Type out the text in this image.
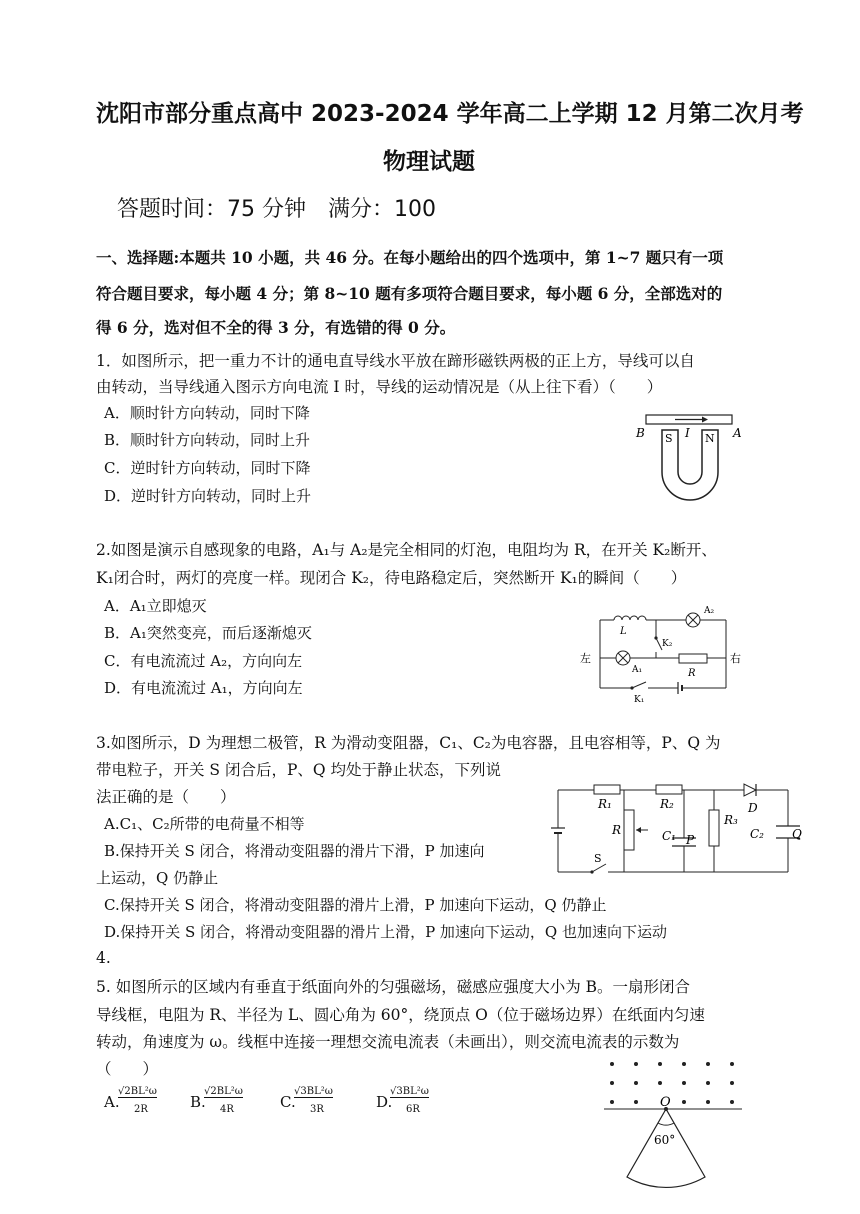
沈阳市部分重点高中 2023-2024 学年高二上学期 12 月第二次月考
物理试题
答题时间：75 分钟　满分：100
一、选择题:本题共 10 小题，共 46 分。在每小题给出的四个选项中，第 1~7 题只有一项
符合题目要求，每小题 4 分；第 8~10 题有多项符合题目要求，每小题 6 分，全部选对的
得 6 分，选对但不全的得 3 分，有选错的得 0 分。
1．如图所示，把一重力不计的通电直导线水平放在蹄形磁铁两极的正上方，导线可以自
由转动，当导线通入图示方向电流 I 时，导线的运动情况是（从上往下看）（　　）
A．顺时针方向转动，同时下降
B．顺时针方向转动，同时上升
C．逆时针方向转动，同时下降
D．逆时针方向转动，同时上升
B	A
I
S	N
2.如图是演示自感现象的电路，A₁与 A₂是完全相同的灯泡，电阻均为 R，在开关 K₂断开、
K₁闭合时，两灯的亮度一样。现闭合 K₂，待电路稳定后，突然断开 K₁的瞬间（　　）
A．A₁立即熄灭
B．A₁突然变亮，而后逐渐熄灭
C．有电流流过 A₂，方向向左
D．有电流流过 A₁，方向向左
L
A₂
K₂
左	右
A₁	R
K₁
3.如图所示，D 为理想二极管，R 为滑动变阻器，C₁、C₂为电容器，且电容相等，P、Q 为
带电粒子，开关 S 闭合后，P、Q 均处于静止状态，下列说
法正确的是（　　）
A.C₁、C₂所带的电荷量不相等
B.保持开关 S 闭合，将滑动变阻器的滑片下滑，P 加速向
上运动，Q 仍静止
C.保持开关 S 闭合，将滑动变阻器的滑片上滑，P 加速向下运动，Q 仍静止
D.保持开关 S 闭合，将滑动变阻器的滑片上滑，P 加速向下运动，Q 也加速向下运动
R₁	R₂	D
R
R₃
C₁ P	C₂ Q
S
4.
5. 如图所示的区域内有垂直于纸面向外的匀强磁场，磁感应强度大小为 B。一扇形闭合
导线框，电阻为 R、半径为 L、圆心角为 60°，绕顶点 O（位于磁场边界）在纸面内匀速
转动，角速度为 ω。线框中连接一理想交流电流表（未画出），则交流电流表的示数为
（　　）
A.
√2BL²ω
2R	B.
√2BL²ω
4R	C.
√3BL²ω
3R	D.
√3BL²ω
6R	O
60°
